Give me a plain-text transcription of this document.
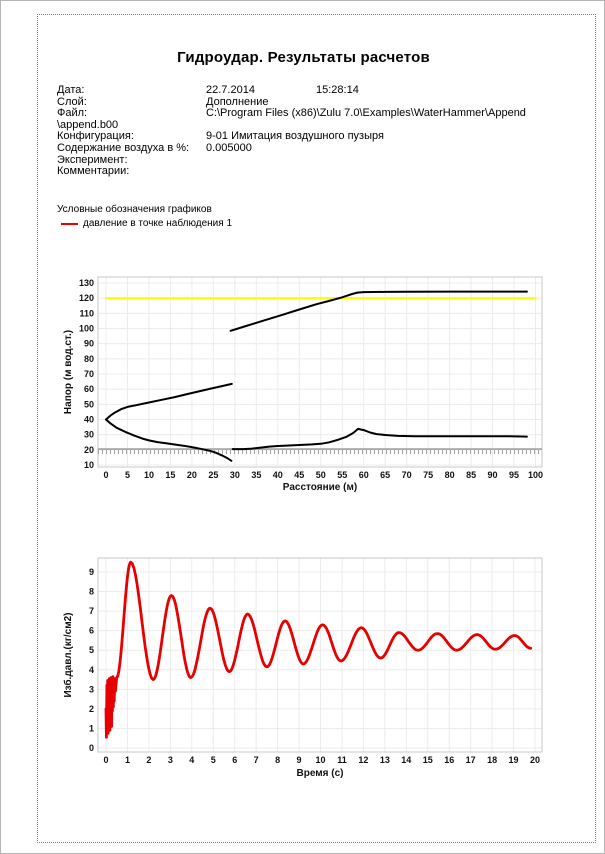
Гидроудар. Результаты расчетов
Дата:	22.7.2014	15:28:14
Слой:	Дополнение
Файл:	C:\Program Files (x86)\Zulu 7.0\Examples\WaterHammer\Append
\append.b00
Конфигурация:	9-01 Имитация воздушного пузыря
Содержание воздуха в %: 0.005000
Эксперимент:
Комментарии:
Условные обозначения графиков
давление в точке наблюдения 1
0 5 10 15 20 25 30 35 40 45 50 55 60 65 70 75 80 85 90 95 100
10
20
30
40
50
60
70
80
90
100
110
120
130
Расстояние (м)
Напор (м вод.ст.)
0 1 2 3 4 5 6 7 8 9 10 11 12 13 14 15 16 17 18 19 20
0
1
2
3
4
5
6
7
8
9
Время (с)
Изб.давл.(кг/см2)
